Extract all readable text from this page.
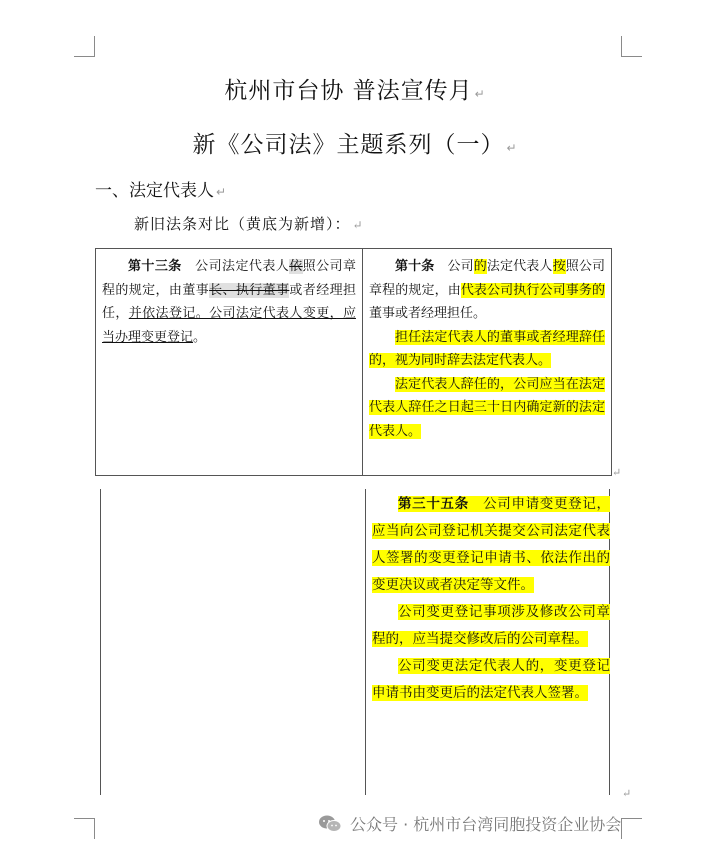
杭州市台协 普法宣传月 ↵
新《公司法》主题系列（一） ↵
一、法定代表人 ↵
新旧法条对比（黄底为新增）： ↵

第十三条　公司法定代表人依照公司章程的规定，由董事长、执行董事或者经理担任，并依法登记。公司法定代表人变更，应当办理变更登记。

第十条　公司的法定代表人按照公司章程的规定，由代表公司执行公司事务的董事或者经理担任。

担任法定代表人的董事或者经理辞任的，视为同时辞去法定代表人。

法定代表人辞任的，公司应当在法定代表人辞任之日起三十日内确定新的法定代表人。

↵

第三十五条　公司申请变更登记，应当向公司登记机关提交公司法定代表人签署的变更登记申请书、依法作出的变更决议或者决定等文件。

公司变更登记事项涉及修改公司章程的，应当提交修改后的公司章程。

公司变更法定代表人的，变更登记申请书由变更后的法定代表人签署。

↵
公众号 · 杭州市台湾同胞投资企业协会
